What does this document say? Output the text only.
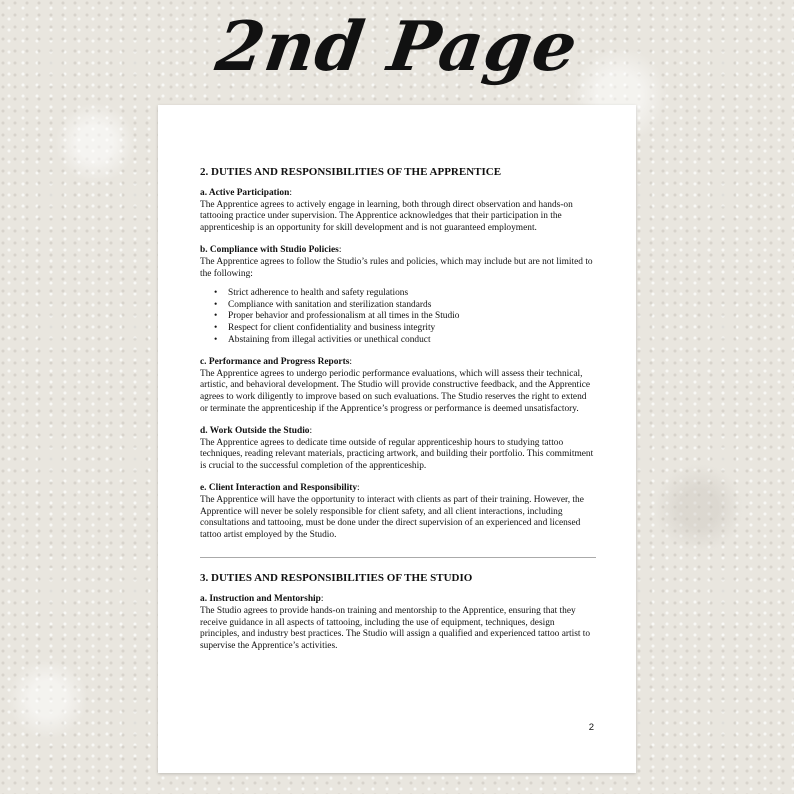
2nd Page
2. DUTIES AND RESPONSIBILITIES OF THE APPRENTICE
a. Active Participation:

The Apprentice agrees to actively engage in learning, both through direct observation and hands-on tattooing practice under supervision. The Apprentice acknowledges that their participation in the apprenticeship is an opportunity for skill development and is not guaranteed employment.

b. Compliance with Studio Policies:

The Apprentice agrees to follow the Studio’s rules and policies, which may include but are not limited to the following:

• Strict adherence to health and safety regulations
• Compliance with sanitation and sterilization standards
• Proper behavior and professionalism at all times in the Studio
• Respect for client confidentiality and business integrity
• Abstaining from illegal activities or unethical conduct
c. Performance and Progress Reports:

The Apprentice agrees to undergo periodic performance evaluations, which will assess their technical, artistic, and behavioral development. The Studio will provide constructive feedback, and the Apprentice agrees to work diligently to improve based on such evaluations. The Studio reserves the right to extend or terminate the apprenticeship if the Apprentice’s progress or performance is deemed unsatisfactory.

d. Work Outside the Studio:

The Apprentice agrees to dedicate time outside of regular apprenticeship hours to studying tattoo techniques, reading relevant materials, practicing artwork, and building their portfolio. This commitment is crucial to the successful completion of the apprenticeship.

e. Client Interaction and Responsibility:

The Apprentice will have the opportunity to interact with clients as part of their training. However, the Apprentice will never be solely responsible for client safety, and all client interactions, including consultations and tattooing, must be done under the direct supervision of an experienced and licensed tattoo artist employed by the Studio.

3. DUTIES AND RESPONSIBILITIES OF THE STUDIO
a. Instruction and Mentorship:

The Studio agrees to provide hands-on training and mentorship to the Apprentice, ensuring that they receive guidance in all aspects of tattooing, including the use of equipment, techniques, design principles, and industry best practices. The Studio will assign a qualified and experienced tattoo artist to supervise the Apprentice’s activities.

2
